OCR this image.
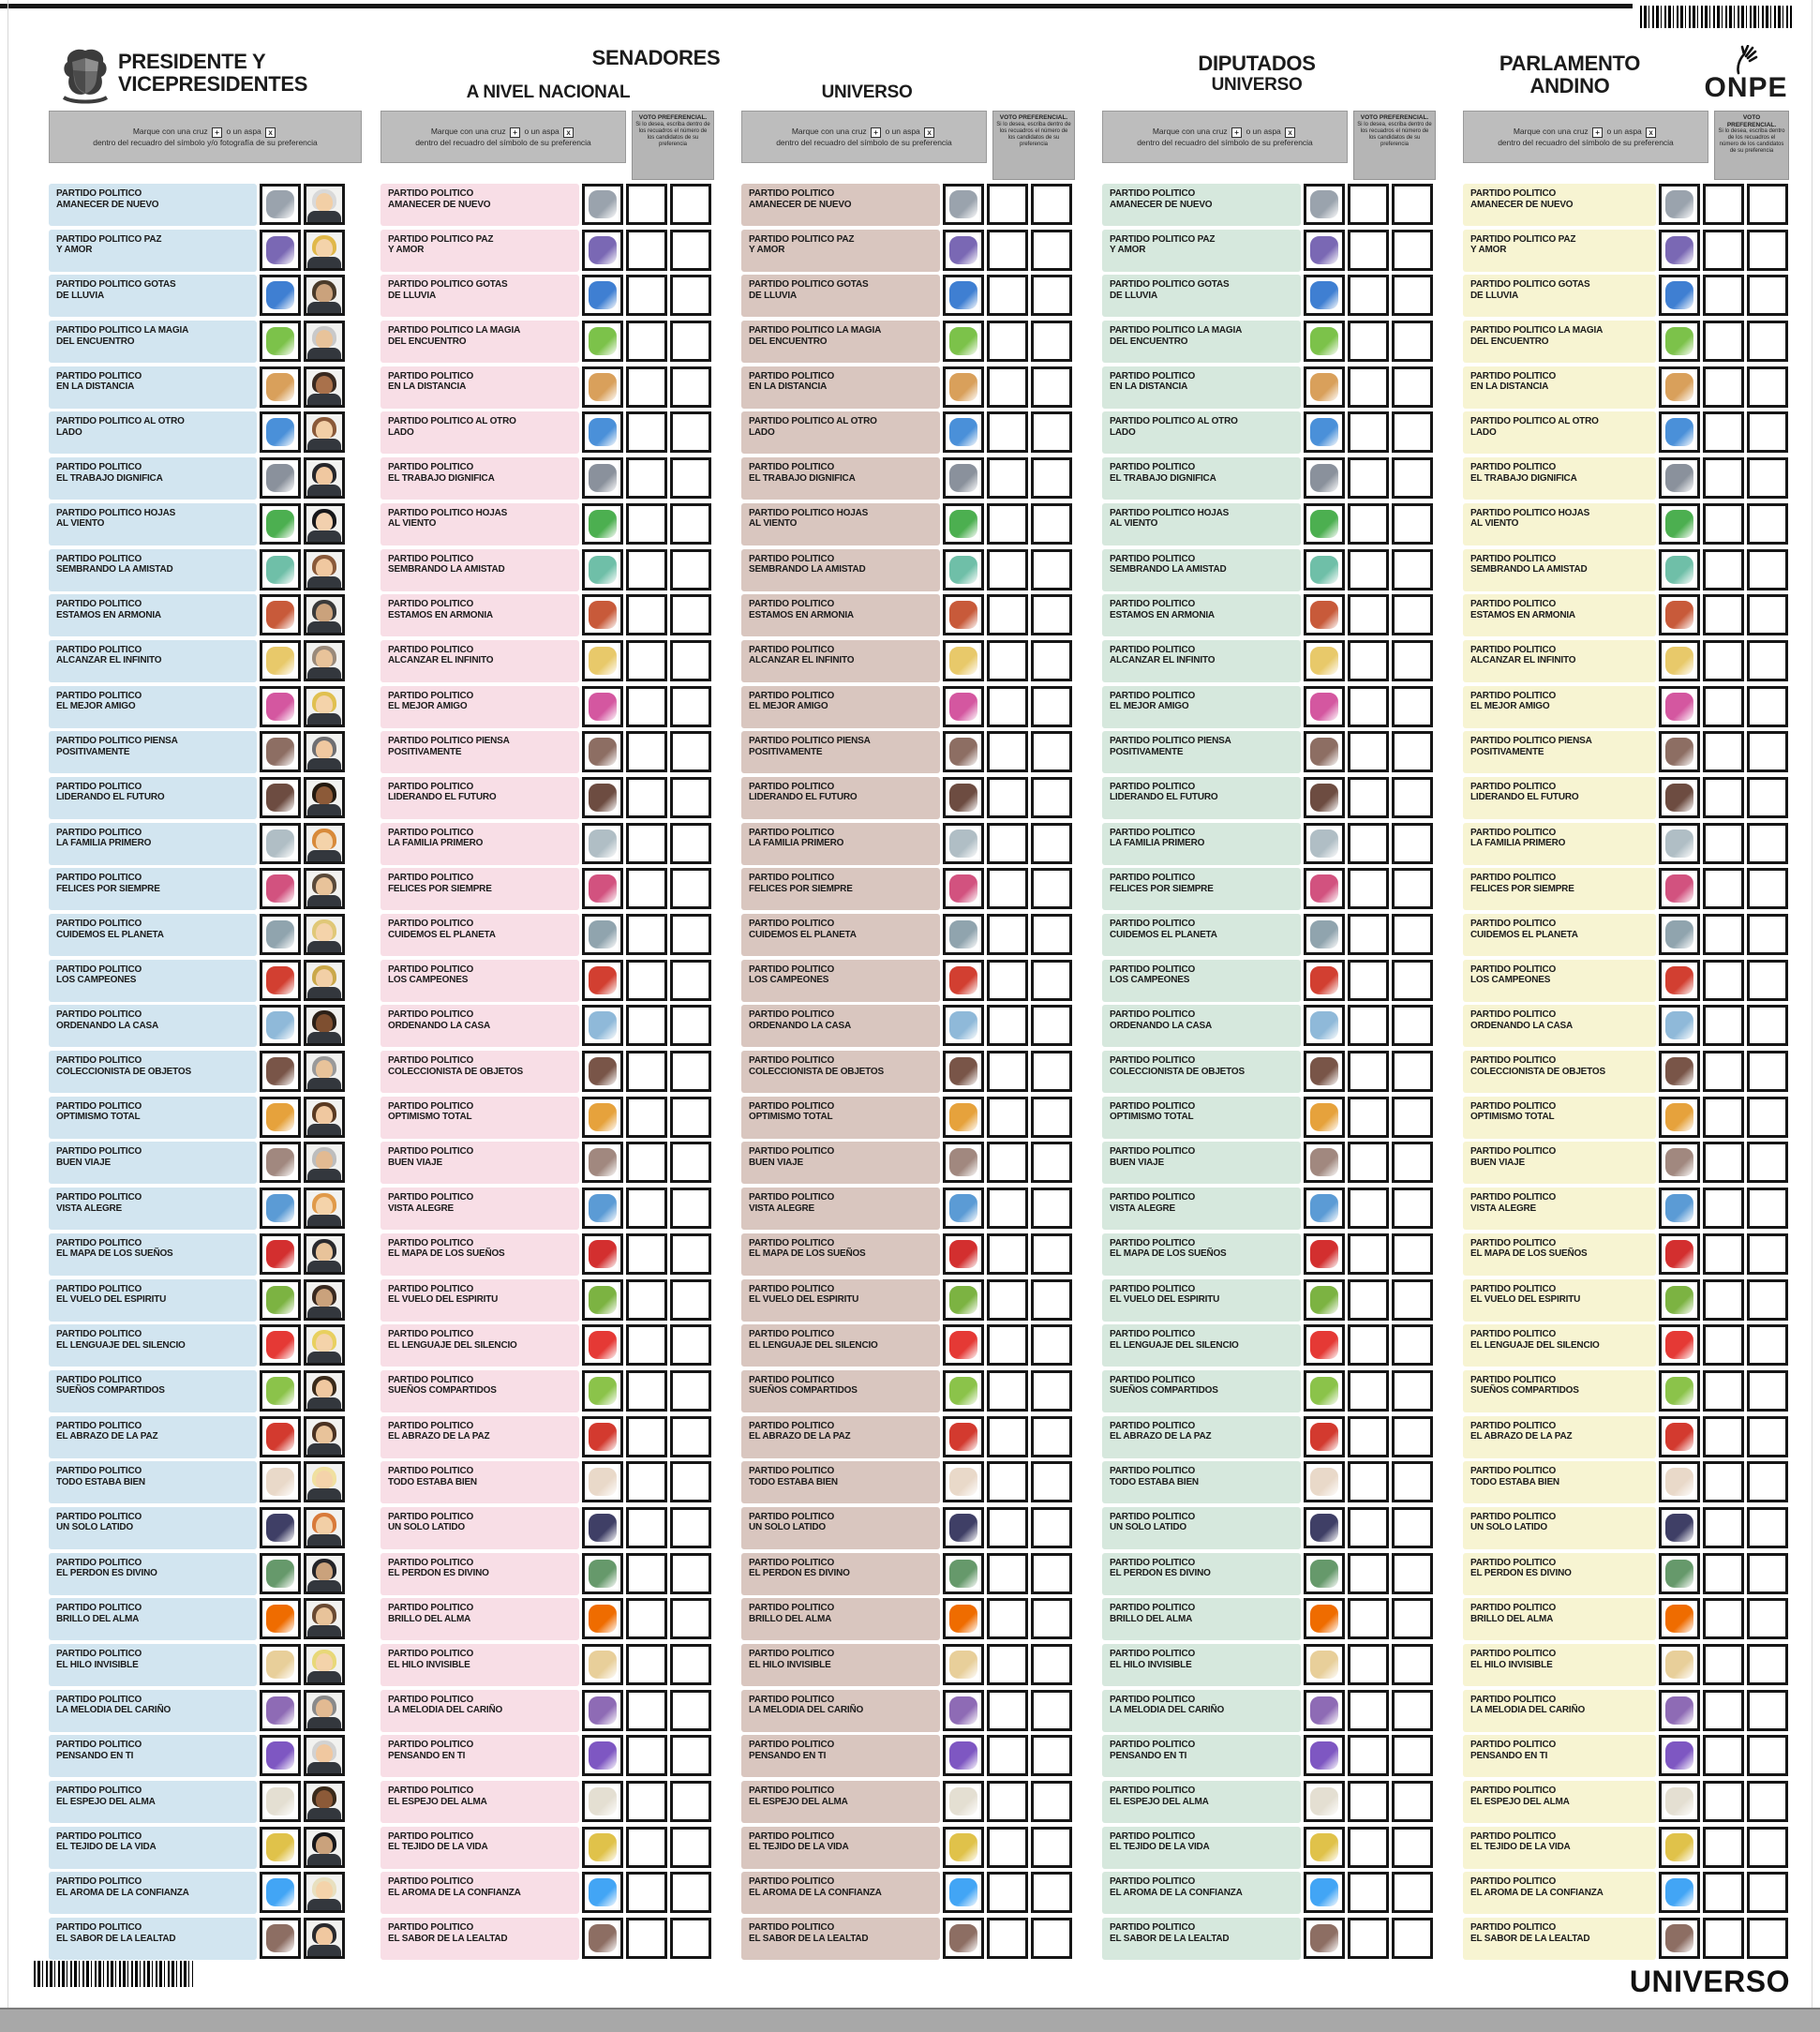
UNIVERSO
PRESIDENTE Y
VICEPRESIDENTES
SENADORES
A NIVEL NACIONAL	UNIVERSO
DIPUTADOS
UNIVERSO
PARLAMENTO
ANDINO	ONPE
Marque con una cruz + o un aspa x
dentro del recuadro del símbolo y/o fotografía de su preferencia
PARTIDO POLITICO
AMANECER DE NUEVO
PARTIDO POLITICO PAZ
Y AMOR
PARTIDO POLITICO GOTAS
DE LLUVIA
PARTIDO POLITICO LA MAGIA
DEL ENCUENTRO
PARTIDO POLITICO
EN LA DISTANCIA
PARTIDO POLITICO AL OTRO
LADO
PARTIDO POLITICO
EL TRABAJO DIGNIFICA
PARTIDO POLITICO HOJAS
AL VIENTO
PARTIDO POLITICO
SEMBRANDO LA AMISTAD
PARTIDO POLITICO
ESTAMOS EN ARMONIA
PARTIDO POLITICO
ALCANZAR EL INFINITO
PARTIDO POLITICO
EL MEJOR AMIGO
PARTIDO POLITICO PIENSA
POSITIVAMENTE
PARTIDO POLITICO
LIDERANDO EL FUTURO
PARTIDO POLITICO
LA FAMILIA PRIMERO
PARTIDO POLITICO
FELICES POR SIEMPRE
PARTIDO POLITICO
CUIDEMOS EL PLANETA
PARTIDO POLITICO
LOS CAMPEONES
PARTIDO POLITICO
ORDENANDO LA CASA
PARTIDO POLITICO
COLECCIONISTA DE OBJETOS
PARTIDO POLITICO
OPTIMISMO TOTAL
PARTIDO POLITICO
BUEN VIAJE
PARTIDO POLITICO
VISTA ALEGRE
PARTIDO POLITICO
EL MAPA DE LOS SUEÑOS
PARTIDO POLITICO
EL VUELO DEL ESPIRITU
PARTIDO POLITICO
EL LENGUAJE DEL SILENCIO
PARTIDO POLITICO
SUEÑOS COMPARTIDOS
PARTIDO POLITICO
EL ABRAZO DE LA PAZ
PARTIDO POLITICO
TODO ESTABA BIEN
PARTIDO POLITICO
UN SOLO LATIDO
PARTIDO POLITICO
EL PERDON ES DIVINO
PARTIDO POLITICO
BRILLO DEL ALMA
PARTIDO POLITICO
EL HILO INVISIBLE
PARTIDO POLITICO
LA MELODIA DEL CARIÑO
PARTIDO POLITICO
PENSANDO EN TI
PARTIDO POLITICO
EL ESPEJO DEL ALMA
PARTIDO POLITICO
EL TEJIDO DE LA VIDA
PARTIDO POLITICO
EL AROMA DE LA CONFIANZA
PARTIDO POLITICO
EL SABOR DE LA LEALTAD
Marque con una cruz + o un aspa x
dentro del recuadro del símbolo de su preferencia
VOTO PREFERENCIAL.
Si lo desea, escriba dentro de los recuadros el número de los candidatos de su preferencia
PARTIDO POLITICO
AMANECER DE NUEVO
PARTIDO POLITICO PAZ
Y AMOR
PARTIDO POLITICO GOTAS
DE LLUVIA
PARTIDO POLITICO LA MAGIA
DEL ENCUENTRO
PARTIDO POLITICO
EN LA DISTANCIA
PARTIDO POLITICO AL OTRO
LADO
PARTIDO POLITICO
EL TRABAJO DIGNIFICA
PARTIDO POLITICO HOJAS
AL VIENTO
PARTIDO POLITICO
SEMBRANDO LA AMISTAD
PARTIDO POLITICO
ESTAMOS EN ARMONIA
PARTIDO POLITICO
ALCANZAR EL INFINITO
PARTIDO POLITICO
EL MEJOR AMIGO
PARTIDO POLITICO PIENSA
POSITIVAMENTE
PARTIDO POLITICO
LIDERANDO EL FUTURO
PARTIDO POLITICO
LA FAMILIA PRIMERO
PARTIDO POLITICO
FELICES POR SIEMPRE
PARTIDO POLITICO
CUIDEMOS EL PLANETA
PARTIDO POLITICO
LOS CAMPEONES
PARTIDO POLITICO
ORDENANDO LA CASA
PARTIDO POLITICO
COLECCIONISTA DE OBJETOS
PARTIDO POLITICO
OPTIMISMO TOTAL
PARTIDO POLITICO
BUEN VIAJE
PARTIDO POLITICO
VISTA ALEGRE
PARTIDO POLITICO
EL MAPA DE LOS SUEÑOS
PARTIDO POLITICO
EL VUELO DEL ESPIRITU
PARTIDO POLITICO
EL LENGUAJE DEL SILENCIO
PARTIDO POLITICO
SUEÑOS COMPARTIDOS
PARTIDO POLITICO
EL ABRAZO DE LA PAZ
PARTIDO POLITICO
TODO ESTABA BIEN
PARTIDO POLITICO
UN SOLO LATIDO
PARTIDO POLITICO
EL PERDON ES DIVINO
PARTIDO POLITICO
BRILLO DEL ALMA
PARTIDO POLITICO
EL HILO INVISIBLE
PARTIDO POLITICO
LA MELODIA DEL CARIÑO
PARTIDO POLITICO
PENSANDO EN TI
PARTIDO POLITICO
EL ESPEJO DEL ALMA
PARTIDO POLITICO
EL TEJIDO DE LA VIDA
PARTIDO POLITICO
EL AROMA DE LA CONFIANZA
PARTIDO POLITICO
EL SABOR DE LA LEALTAD
Marque con una cruz + o un aspa x
dentro del recuadro del símbolo de su preferencia
VOTO PREFERENCIAL.
Si lo desea, escriba dentro de los recuadros el número de los candidatos de su preferencia
PARTIDO POLITICO
AMANECER DE NUEVO
PARTIDO POLITICO PAZ
Y AMOR
PARTIDO POLITICO GOTAS
DE LLUVIA
PARTIDO POLITICO LA MAGIA
DEL ENCUENTRO
PARTIDO POLITICO
EN LA DISTANCIA
PARTIDO POLITICO AL OTRO
LADO
PARTIDO POLITICO
EL TRABAJO DIGNIFICA
PARTIDO POLITICO HOJAS
AL VIENTO
PARTIDO POLITICO
SEMBRANDO LA AMISTAD
PARTIDO POLITICO
ESTAMOS EN ARMONIA
PARTIDO POLITICO
ALCANZAR EL INFINITO
PARTIDO POLITICO
EL MEJOR AMIGO
PARTIDO POLITICO PIENSA
POSITIVAMENTE
PARTIDO POLITICO
LIDERANDO EL FUTURO
PARTIDO POLITICO
LA FAMILIA PRIMERO
PARTIDO POLITICO
FELICES POR SIEMPRE
PARTIDO POLITICO
CUIDEMOS EL PLANETA
PARTIDO POLITICO
LOS CAMPEONES
PARTIDO POLITICO
ORDENANDO LA CASA
PARTIDO POLITICO
COLECCIONISTA DE OBJETOS
PARTIDO POLITICO
OPTIMISMO TOTAL
PARTIDO POLITICO
BUEN VIAJE
PARTIDO POLITICO
VISTA ALEGRE
PARTIDO POLITICO
EL MAPA DE LOS SUEÑOS
PARTIDO POLITICO
EL VUELO DEL ESPIRITU
PARTIDO POLITICO
EL LENGUAJE DEL SILENCIO
PARTIDO POLITICO
SUEÑOS COMPARTIDOS
PARTIDO POLITICO
EL ABRAZO DE LA PAZ
PARTIDO POLITICO
TODO ESTABA BIEN
PARTIDO POLITICO
UN SOLO LATIDO
PARTIDO POLITICO
EL PERDON ES DIVINO
PARTIDO POLITICO
BRILLO DEL ALMA
PARTIDO POLITICO
EL HILO INVISIBLE
PARTIDO POLITICO
LA MELODIA DEL CARIÑO
PARTIDO POLITICO
PENSANDO EN TI
PARTIDO POLITICO
EL ESPEJO DEL ALMA
PARTIDO POLITICO
EL TEJIDO DE LA VIDA
PARTIDO POLITICO
EL AROMA DE LA CONFIANZA
PARTIDO POLITICO
EL SABOR DE LA LEALTAD
Marque con una cruz + o un aspa x
dentro del recuadro del símbolo de su preferencia
VOTO PREFERENCIAL.
Si lo desea, escriba dentro de los recuadros el número de los candidatos de su preferencia
PARTIDO POLITICO
AMANECER DE NUEVO
PARTIDO POLITICO PAZ
Y AMOR
PARTIDO POLITICO GOTAS
DE LLUVIA
PARTIDO POLITICO LA MAGIA
DEL ENCUENTRO
PARTIDO POLITICO
EN LA DISTANCIA
PARTIDO POLITICO AL OTRO
LADO
PARTIDO POLITICO
EL TRABAJO DIGNIFICA
PARTIDO POLITICO HOJAS
AL VIENTO
PARTIDO POLITICO
SEMBRANDO LA AMISTAD
PARTIDO POLITICO
ESTAMOS EN ARMONIA
PARTIDO POLITICO
ALCANZAR EL INFINITO
PARTIDO POLITICO
EL MEJOR AMIGO
PARTIDO POLITICO PIENSA
POSITIVAMENTE
PARTIDO POLITICO
LIDERANDO EL FUTURO
PARTIDO POLITICO
LA FAMILIA PRIMERO
PARTIDO POLITICO
FELICES POR SIEMPRE
PARTIDO POLITICO
CUIDEMOS EL PLANETA
PARTIDO POLITICO
LOS CAMPEONES
PARTIDO POLITICO
ORDENANDO LA CASA
PARTIDO POLITICO
COLECCIONISTA DE OBJETOS
PARTIDO POLITICO
OPTIMISMO TOTAL
PARTIDO POLITICO
BUEN VIAJE
PARTIDO POLITICO
VISTA ALEGRE
PARTIDO POLITICO
EL MAPA DE LOS SUEÑOS
PARTIDO POLITICO
EL VUELO DEL ESPIRITU
PARTIDO POLITICO
EL LENGUAJE DEL SILENCIO
PARTIDO POLITICO
SUEÑOS COMPARTIDOS
PARTIDO POLITICO
EL ABRAZO DE LA PAZ
PARTIDO POLITICO
TODO ESTABA BIEN
PARTIDO POLITICO
UN SOLO LATIDO
PARTIDO POLITICO
EL PERDON ES DIVINO
PARTIDO POLITICO
BRILLO DEL ALMA
PARTIDO POLITICO
EL HILO INVISIBLE
PARTIDO POLITICO
LA MELODIA DEL CARIÑO
PARTIDO POLITICO
PENSANDO EN TI
PARTIDO POLITICO
EL ESPEJO DEL ALMA
PARTIDO POLITICO
EL TEJIDO DE LA VIDA
PARTIDO POLITICO
EL AROMA DE LA CONFIANZA
PARTIDO POLITICO
EL SABOR DE LA LEALTAD
Marque con una cruz + o un aspa x
dentro del recuadro del símbolo de su preferencia
VOTO PREFERENCIAL.
Si lo desea, escriba dentro de los recuadros el número de los candidatos de su preferencia
PARTIDO POLITICO
AMANECER DE NUEVO
PARTIDO POLITICO PAZ
Y AMOR
PARTIDO POLITICO GOTAS
DE LLUVIA
PARTIDO POLITICO LA MAGIA
DEL ENCUENTRO
PARTIDO POLITICO
EN LA DISTANCIA
PARTIDO POLITICO AL OTRO
LADO
PARTIDO POLITICO
EL TRABAJO DIGNIFICA
PARTIDO POLITICO HOJAS
AL VIENTO
PARTIDO POLITICO
SEMBRANDO LA AMISTAD
PARTIDO POLITICO
ESTAMOS EN ARMONIA
PARTIDO POLITICO
ALCANZAR EL INFINITO
PARTIDO POLITICO
EL MEJOR AMIGO
PARTIDO POLITICO PIENSA
POSITIVAMENTE
PARTIDO POLITICO
LIDERANDO EL FUTURO
PARTIDO POLITICO
LA FAMILIA PRIMERO
PARTIDO POLITICO
FELICES POR SIEMPRE
PARTIDO POLITICO
CUIDEMOS EL PLANETA
PARTIDO POLITICO
LOS CAMPEONES
PARTIDO POLITICO
ORDENANDO LA CASA
PARTIDO POLITICO
COLECCIONISTA DE OBJETOS
PARTIDO POLITICO
OPTIMISMO TOTAL
PARTIDO POLITICO
BUEN VIAJE
PARTIDO POLITICO
VISTA ALEGRE
PARTIDO POLITICO
EL MAPA DE LOS SUEÑOS
PARTIDO POLITICO
EL VUELO DEL ESPIRITU
PARTIDO POLITICO
EL LENGUAJE DEL SILENCIO
PARTIDO POLITICO
SUEÑOS COMPARTIDOS
PARTIDO POLITICO
EL ABRAZO DE LA PAZ
PARTIDO POLITICO
TODO ESTABA BIEN
PARTIDO POLITICO
UN SOLO LATIDO
PARTIDO POLITICO
EL PERDON ES DIVINO
PARTIDO POLITICO
BRILLO DEL ALMA
PARTIDO POLITICO
EL HILO INVISIBLE
PARTIDO POLITICO
LA MELODIA DEL CARIÑO
PARTIDO POLITICO
PENSANDO EN TI
PARTIDO POLITICO
EL ESPEJO DEL ALMA
PARTIDO POLITICO
EL TEJIDO DE LA VIDA
PARTIDO POLITICO
EL AROMA DE LA CONFIANZA
PARTIDO POLITICO
EL SABOR DE LA LEALTAD
